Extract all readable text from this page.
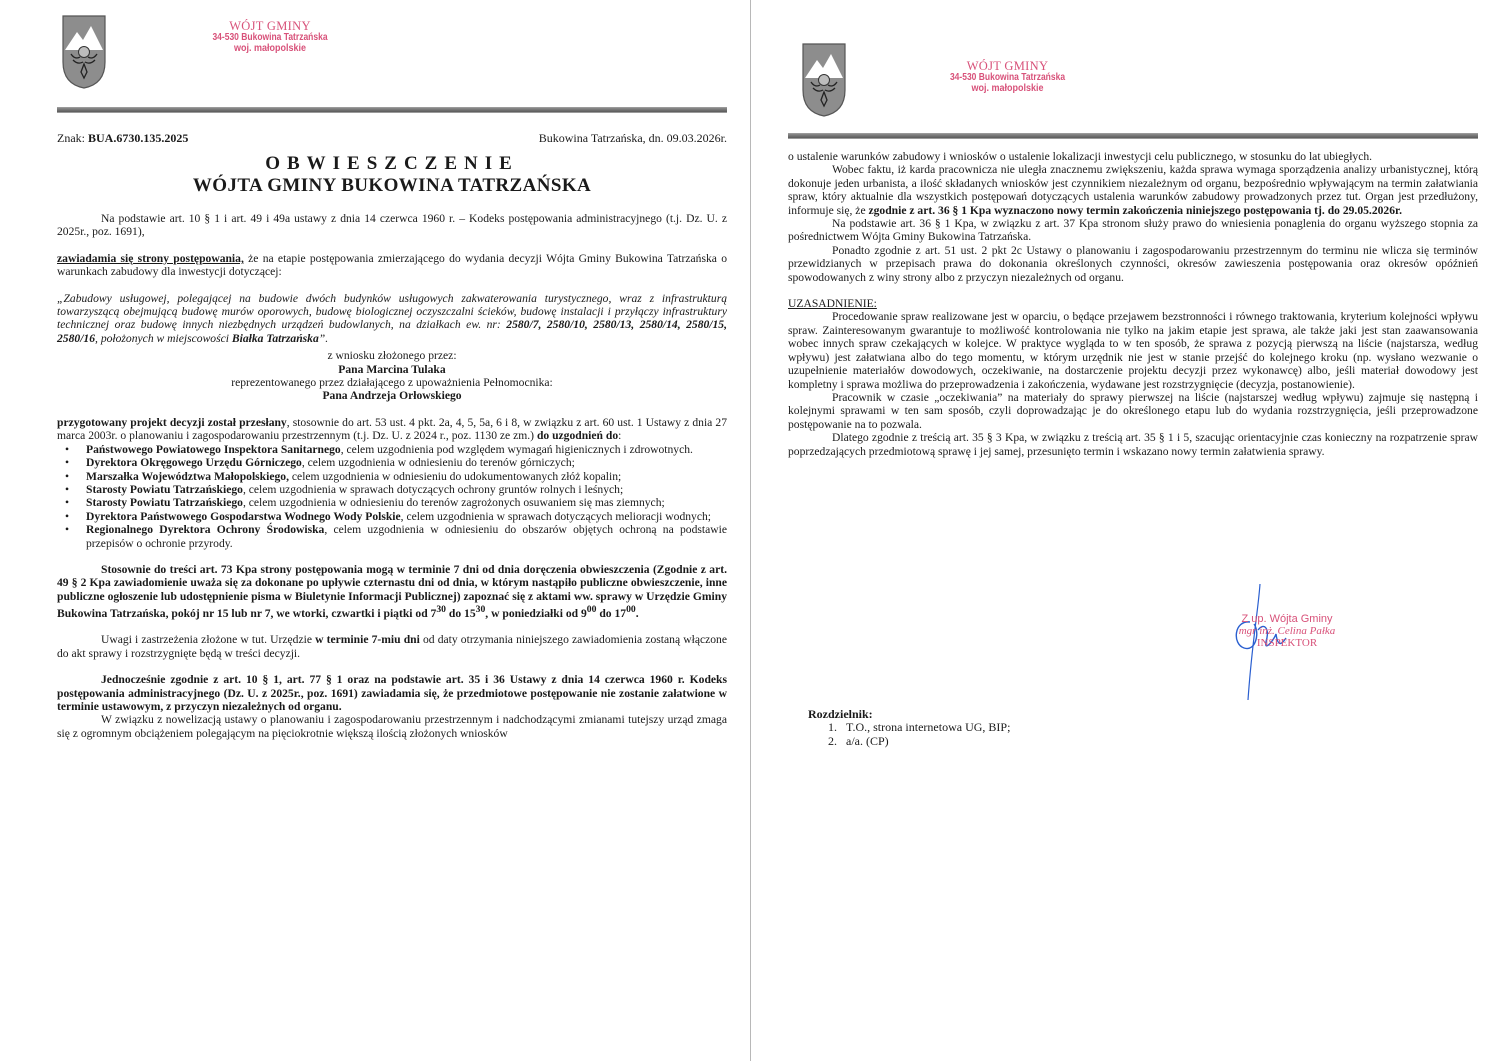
WÓJT GMINY
34-530 Bukowina Tatrzańska
woj. małopolskie
Znak: BUA.6730.135.2025	Bukowina Tatrzańska, dn. 09.03.2026r.
OBWIESZCZENIE
WÓJTA GMINY BUKOWINA TATRZAŃSKA

Na podstawie art. 10 § 1 i art. 49 i 49a ustawy z dnia 14 czerwca 1960 r. – Kodeks postępowania administracyjnego (t.j. Dz. U. z 2025r., poz. 1691),

zawiadamia się strony postępowania, że na etapie postępowania zmierzającego do wydania decyzji Wójta Gminy Bukowina Tatrzańska o warunkach zabudowy dla inwestycji dotyczącej:

„Zabudowy usługowej, polegającej na budowie dwóch budynków usługowych zakwaterowania turystycznego, wraz z infrastrukturą towarzyszącą obejmującą budowę murów oporowych, budowę biologicznej oczyszczalni ścieków, budowę instalacji i przyłączy infrastruktury technicznej oraz budowę innych niezbędnych urządzeń budowlanych, na działkach ew. nr: 2580/7, 2580/10, 2580/13, 2580/14, 2580/15, 2580/16, położonych w miejscowości Białka Tatrzańska”.

z wniosku złożonego przez:

Pana Marcina Tulaka

reprezentowanego przez działającego z upoważnienia Pełnomocnika:

Pana Andrzeja Orłowskiego

przygotowany projekt decyzji został przesłany, stosownie do art. 53 ust. 4 pkt. 2a, 4, 5, 5a, 6 i 8, w związku z art. 60 ust. 1 Ustawy z dnia 27 marca 2003r. o planowaniu i zagospodarowaniu przestrzennym (t.j. Dz. U. z 2024 r., poz. 1130 ze zm.) do uzgodnień do:

• Państwowego Powiatowego Inspektora Sanitarnego, celem uzgodnienia pod względem wymagań higienicznych i zdrowotnych.
• Dyrektora Okręgowego Urzędu Górniczego, celem uzgodnienia w odniesieniu do terenów górniczych;
• Marszałka Województwa Małopolskiego, celem uzgodnienia w odniesieniu do udokumentowanych złóż kopalin;
• Starosty Powiatu Tatrzańskiego, celem uzgodnienia w sprawach dotyczących ochrony gruntów rolnych i leśnych;
• Starosty Powiatu Tatrzańskiego, celem uzgodnienia w odniesieniu do terenów zagrożonych osuwaniem się mas ziemnych;
• Dyrektora Państwowego Gospodarstwa Wodnego Wody Polskie, celem uzgodnienia w sprawach dotyczących melioracji wodnych;
• Regionalnego Dyrektora Ochrony Środowiska, celem uzgodnienia w odniesieniu do obszarów objętych ochroną na podstawie przepisów o ochronie przyrody.

Stosownie do treści art. 73 Kpa strony postępowania mogą w terminie 7 dni od dnia doręczenia obwieszczenia (Zgodnie z art. 49 § 2 Kpa zawiadomienie uważa się za dokonane po upływie czternastu dni od dnia, w którym nastąpiło publiczne obwieszczenie, inne publiczne ogłoszenie lub udostępnienie pisma w Biuletynie Informacji Publicznej) zapoznać się z aktami ww. sprawy w Urzędzie Gminy Bukowina Tatrzańska, pokój nr 15 lub nr 7, we wtorki, czwartki i piątki od $7^{30}$ do $15^{30}$, w poniedziałki od $9^{00}$ do $17^{00}$.

Uwagi i zastrzeżenia złożone w tut. Urzędzie w terminie 7-miu dni od daty otrzymania niniejszego zawiadomienia zostaną włączone do akt sprawy i rozstrzygnięte będą w treści decyzji.

Jednocześnie zgodnie z art. 10 § 1, art. 77 § 1 oraz na podstawie art. 35 i 36 Ustawy z dnia 14 czerwca 1960 r. Kodeks postępowania administracyjnego (Dz. U. z 2025r., poz. 1691) zawiadamia się, że przedmiotowe postępowanie nie zostanie załatwione w terminie ustawowym, z przyczyn niezależnych od organu.

W związku z nowelizacją ustawy o planowaniu i zagospodarowaniu przestrzennym i nadchodzącymi zmianami tutejszy urząd zmaga się z ogromnym obciążeniem polegającym na pięciokrotnie większą ilością złożonych wniosków

WÓJT GMINY
34-530 Bukowina Tatrzańska
woj. małopolskie

o ustalenie warunków zabudowy i wniosków o ustalenie lokalizacji inwestycji celu publicznego, w stosunku do lat ubiegłych.

Wobec faktu, iż karda pracownicza nie uległa znacznemu zwiększeniu, każda sprawa wymaga sporządzenia analizy urbanistycznej, którą dokonuje jeden urbanista, a ilość składanych wniosków jest czynnikiem niezależnym od organu, bezpośrednio wpływającym na termin załatwiania spraw, który aktualnie dla wszystkich postępowań dotyczących ustalenia warunków zabudowy prowadzonych przez tut. Organ jest przedłużony, informuje się, że zgodnie z art. 36 § 1 Kpa wyznaczono nowy termin zakończenia niniejszego postępowania tj. do 29.05.2026r.

Na podstawie art. 36 § 1 Kpa, w związku z art. 37 Kpa stronom służy prawo do wniesienia ponaglenia do organu wyższego stopnia za pośrednictwem Wójta Gminy Bukowina Tatrzańska.

Ponadto zgodnie z art. 51 ust. 2 pkt 2c Ustawy o planowaniu i zagospodarowaniu przestrzennym do terminu nie wlicza się terminów przewidzianych w przepisach prawa do dokonania określonych czynności, okresów zawieszenia postępowania oraz okresów opóźnień spowodowanych z winy strony albo z przyczyn niezależnych od organu.

UZASADNIENIE:

Procedowanie spraw realizowane jest w oparciu, o będące przejawem bezstronności i równego traktowania, kryterium kolejności wpływu spraw. Zainteresowanym gwarantuje to możliwość kontrolowania nie tylko na jakim etapie jest sprawa, ale także jaki jest stan zaawansowania wobec innych spraw czekających w kolejce. W praktyce wygląda to w ten sposób, że sprawa z pozycją pierwszą na liście (najstarsza, według wpływu) jest załatwiana albo do tego momentu, w którym urzędnik nie jest w stanie przejść do kolejnego kroku (np. wysłano wezwanie o uzupełnienie materiałów dowodowych, oczekiwanie, na dostarczenie projektu decyzji przez wykonawcę) albo, jeśli materiał dowodowy jest kompletny i sprawa możliwa do przeprowadzenia i zakończenia, wydawane jest rozstrzygnięcie (decyzja, postanowienie).

Pracownik w czasie „oczekiwania” na materiały do sprawy pierwszej na liście (najstarszej według wpływu) zajmuje się następną i kolejnymi sprawami w ten sam sposób, czyli doprowadzając je do określonego etapu lub do wydania rozstrzygnięcia, jeśli przeprowadzone postępowanie na to pozwala.

Dlatego zgodnie z treścią art. 35 § 3 Kpa, w związku z treścią art. 35 § 1 i 5, szacując orientacyjnie czas konieczny na rozpatrzenie spraw poprzedzających przedmiotową sprawę i jej samej, przesunięto termin i wskazano nowy termin załatwienia sprawy.

Z up. Wójta Gminy
mgr inż. Celina Pałka
INSPEKTOR

Rozdzielnik:

1. T.O., strona internetowa UG, BIP;
2. a/a. (CP)
